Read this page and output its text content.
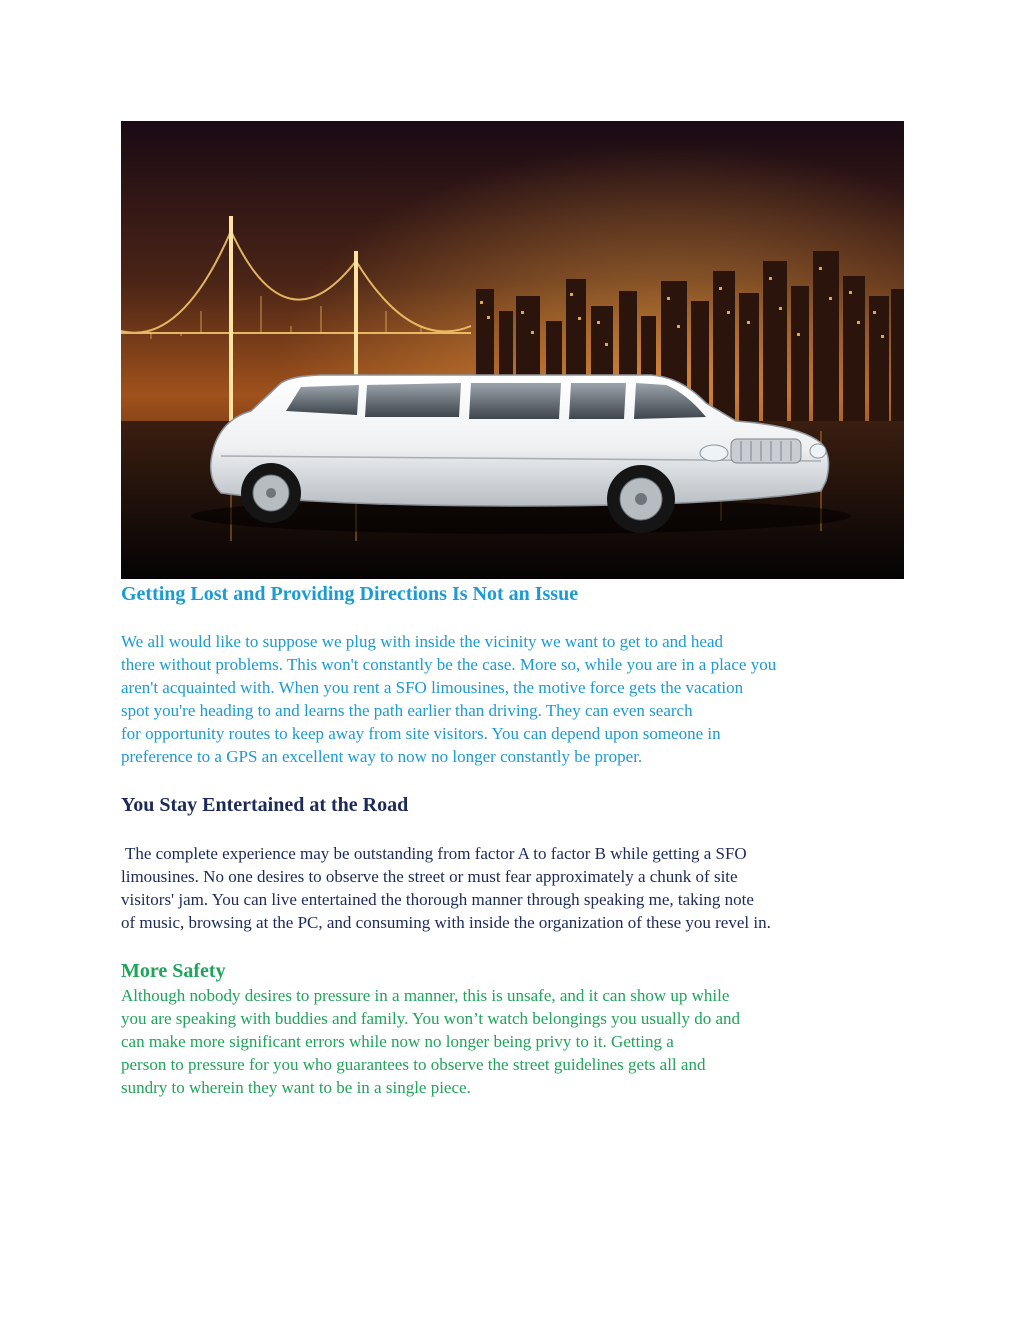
Getting Lost and Providing Directions Is Not an Issue
We all would like to suppose we plug with inside the vicinity we want to get to and head
there without problems. This won't constantly be the case. More so, while you are in a place you
aren't acquainted with. When you rent a SFO limousines, the motive force gets the vacation
spot you're heading to and learns the path earlier than driving. They can even search
for opportunity routes to keep away from site visitors. You can depend upon someone in
preference to a GPS an excellent way to now no longer constantly be proper.
You Stay Entertained at the Road
The complete experience may be outstanding from factor A to factor B while getting a SFO
limousines. No one desires to observe the street or must fear approximately a chunk of site
visitors' jam. You can live entertained the thorough manner through speaking me, taking note
of music, browsing at the PC, and consuming with inside the organization of these you revel in.
More Safety
Although nobody desires to pressure in a manner, this is unsafe, and it can show up while
you are speaking with buddies and family. You won’t watch belongings you usually do and
can make more significant errors while now no longer being privy to it. Getting a
person to pressure for you who guarantees to observe the street guidelines gets all and
sundry to wherein they want to be in a single piece.
